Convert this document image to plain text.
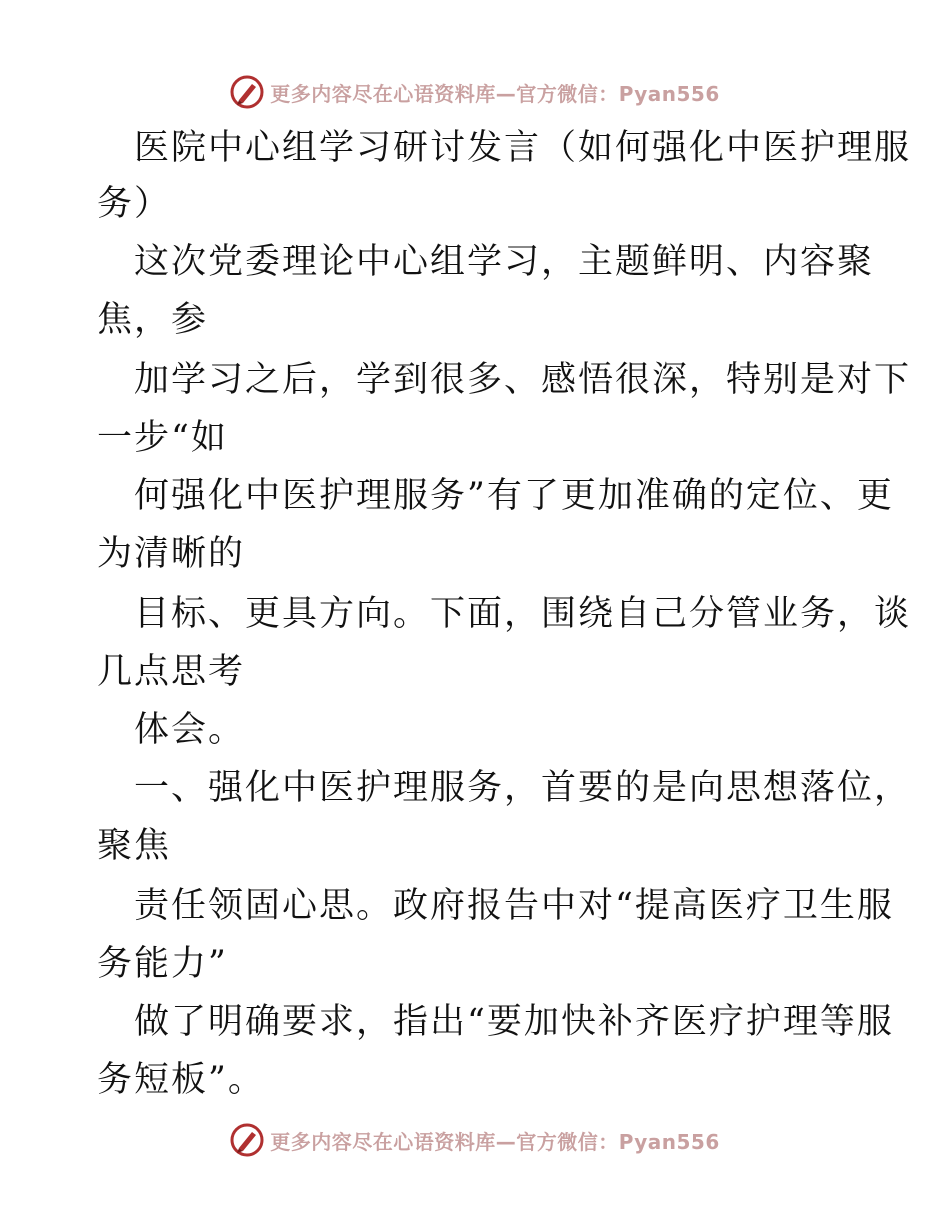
更多内容尽在心语资料库—官方微信：Pyan556
医院中心组学习研讨发言（如何强化中医护理服
务）
这次党委理论中心组学习，主题鲜明、内容聚
焦，参
加学习之后，学到很多、感悟很深，特别是对下
一步“如
何强化中医护理服务”有了更加准确的定位、更
为清晰的
目标、更具方向。下面，围绕自己分管业务，谈
几点思考
体会。
一、强化中医护理服务，首要的是向思想落位，
聚焦
责任领固心思。政府报告中对“提高医疗卫生服
务能力”
做了明确要求，指出“要加快补齐医疗护理等服
务短板”。
更多内容尽在心语资料库—官方微信：Pyan556
